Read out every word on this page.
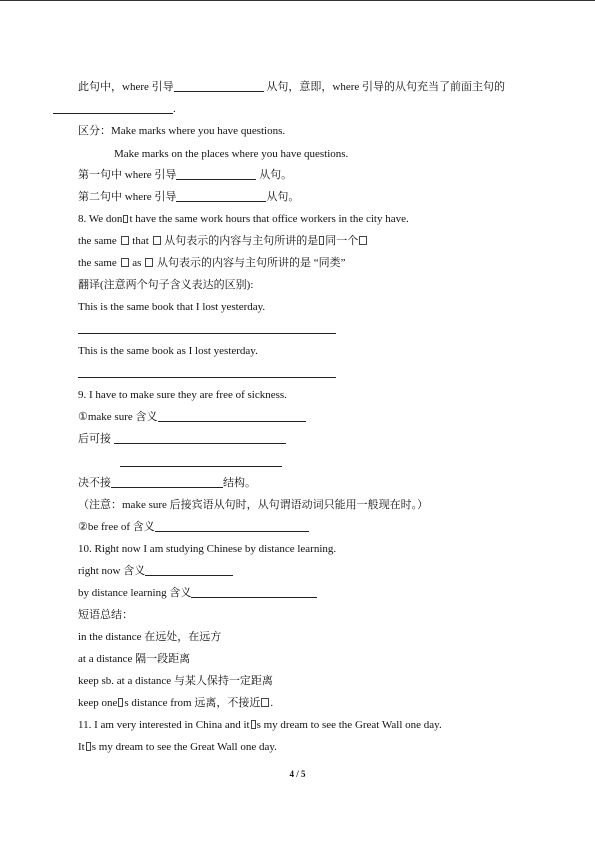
此句中，where 引导	从句，意即，where 引导的从句充当了前面主句的
.
区分：Make marks where you have questions.
Make marks on the places where you have questions.
第一句中 where 引导	从句。
第二句中 where 引导	从句。
8. We don t have the same work hours that office workers in the city have.
the same  that  从句表示的内容与主句所讲的是 同一个
the same  as  从句表示的内容与主句所讲的是 “同类”
翻译(注意两个句子含义表达的区别):
This is the same book that I lost yesterday.
This is the same book as I lost yesterday.
9. I have to make sure they are free of sickness.
①make sure 含义
后可接
决不接	结构。
（注意：make sure 后接宾语从句时，从句谓语动词只能用一般现在时。）
②be free of 含义
10. Right now I am studying Chinese by distance learning.
right now 含义
by distance learning 含义
短语总结：
in the distance 在远处，在远方
at a distance 隔一段距离
keep sb. at a distance 与某人保持一定距离
keep one s distance from 远离，不接近 .
11. I am very interested in China and it s my dream to see the Great Wall one day.
It s my dream to see the Great Wall one day.
4 / 5
